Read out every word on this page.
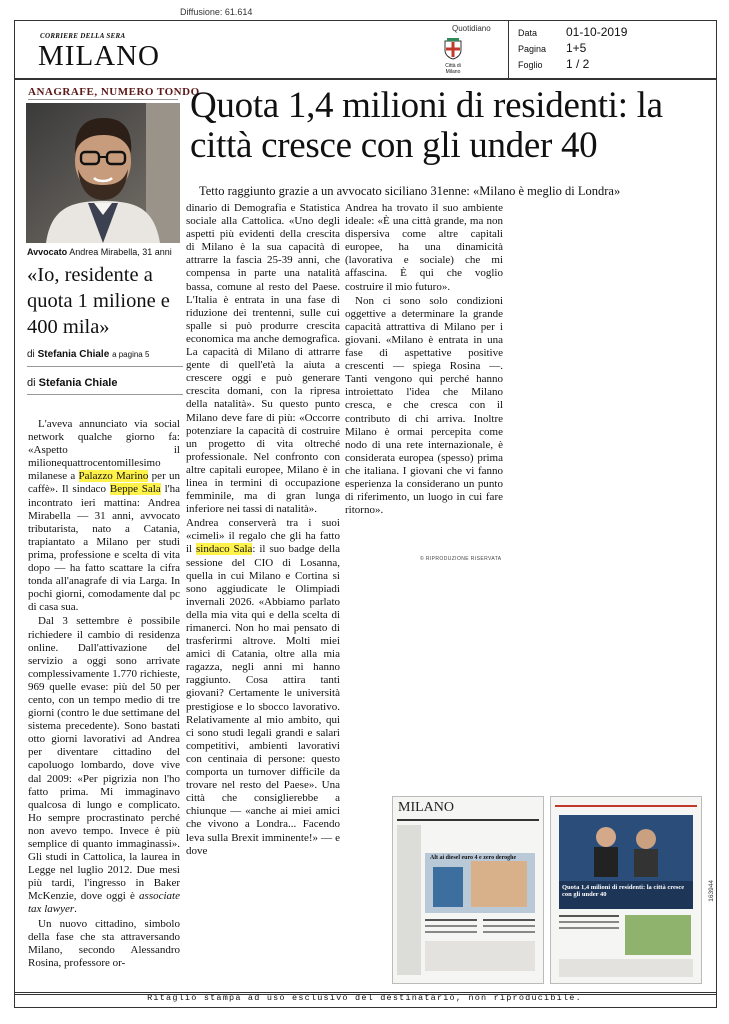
Diffusione: 61.614
CORRIERE DELLA SERA
MILANO
Quotidiano
Città di Milano
Data 01-10-2019
Pagina 1+5
Foglio 1 / 2
ANAGRAFE, NUMERO TONDO
Avvocato Andrea Mirabella, 31 anni
«Io, residente a quota 1 milione e 400 mila»
di Stefania Chiale a pagina 5
di Stefania Chiale
Quota 1,4 milioni di residenti: la città cresce con gli under 40
Tetto raggiunto grazie a un avvocato siciliano 31enne: «Milano è meglio di Londra»

L'aveva annunciato via social network qualche giorno fa: «Aspetto il milionequattrocentomillesimo milanese a Palazzo Marino per un caffè». Il sindaco Beppe Sala l'ha incontrato ieri mattina: Andrea Mirabella — 31 anni, avvocato tributarista, nato a Catania, trapiantato a Milano per studi prima, professione e scelta di vita dopo — ha fatto scattare la cifra tonda all'anagrafe di via Larga. In pochi giorni, comodamente dal pc di casa sua.

Dal 3 settembre è possibile richiedere il cambio di residenza online. Dall'attivazione del servizio a oggi sono arrivate complessivamente 1.770 richieste, 969 quelle evase: più del 50 per cento, con un tempo medio di tre giorni (contro le due settimane del sistema precedente). Sono bastati otto giorni lavorativi ad Andrea per diventare cittadino del capoluogo lombardo, dove vive dal 2009: «Per pigrizia non l'ho fatto prima. Mi immaginavo qualcosa di lungo e complicato. Ho sempre procrastinato perché non avevo tempo. Invece è più semplice di quanto immaginassi». Gli studi in Cattolica, la laurea in Legge nel luglio 2012. Due mesi più tardi, l'ingresso in Baker McKenzie, dove oggi è associate tax lawyer.

Un nuovo cittadino, simbolo della fase che sta attraversando Milano, secondo Alessandro Rosina, professore or-

dinario di Demografia e Statistica sociale alla Cattolica. «Uno degli aspetti più evidenti della crescita di Milano è la sua capacità di attrarre la fascia 25-39 anni, che compensa in parte una natalità bassa, comune al resto del Paese. L'Italia è entrata in una fase di riduzione dei trentenni, sulle cui spalle si può produrre crescita economica ma anche demografica. La capacità di Milano di attrarre gente di quell'età la aiuta a crescere oggi e può generare crescita domani, con la ripresa della natalità». Su questo punto Milano deve fare di più: «Occorre potenziare la capacità di costruire un progetto di vita oltreché professionale. Nel confronto con altre capitali europee, Milano è in linea in termini di occupazione femminile, ma di gran lunga inferiore nei tassi di natalità».

Andrea conserverà tra i suoi «cimeli» il regalo che gli ha fatto il sindaco Sala: il suo badge della sessione del CIO di Losanna, quella in cui Milano e Cortina si sono aggiudicate le Olimpiadi invernali 2026. «Abbiamo parlato della mia vita qui e della scelta di rimanerci. Non ho mai pensato di trasferirmi altrove. Molti miei amici di Catania, oltre alla mia ragazza, negli anni mi hanno raggiunto. Cosa attira tanti giovani? Certamente le università prestigiose e lo sbocco lavorativo. Relativamente al mio ambito, qui ci sono studi legali grandi e salari competitivi, ambienti lavorativi con centinaia di persone: questo comporta un turnover difficile da trovare nel resto del Paese». Una città che consiglierebbe a chiunque — «anche ai miei amici che vivono a Londra... Facendo leva sulla Brexit imminente!» — e dove

Andrea ha trovato il suo ambiente ideale: «È una città grande, ma non dispersiva come altre capitali europee, ha una dinamicità (lavorativa e sociale) che mi affascina. È qui che voglio costruire il mio futuro».

Non ci sono solo condizioni oggettive a determinare la grande capacità attrattiva di Milano per i giovani. «Milano è entrata in una fase di aspettative positive crescenti — spiega Rosina —. Tanti vengono qui perché hanno introiettato l'idea che Milano cresca, e che cresca con il contributo di chi arriva. Inoltre Milano è ormai percepita come nodo di una rete internazionale, è considerata europea (spesso) prima che italiana. I giovani che vi fanno esperienza la considerano un punto di riferimento, un luogo in cui fare ritorno».

© RIPRODUZIONE RISERVATA
MILANO
Alt ai diesel euro 4 e zero deroghe
Quota 1,4 milioni di residenti: la città cresce con gli under 40	163944
Ritaglio stampa ad uso esclusivo del destinatario, non riproducibile.
